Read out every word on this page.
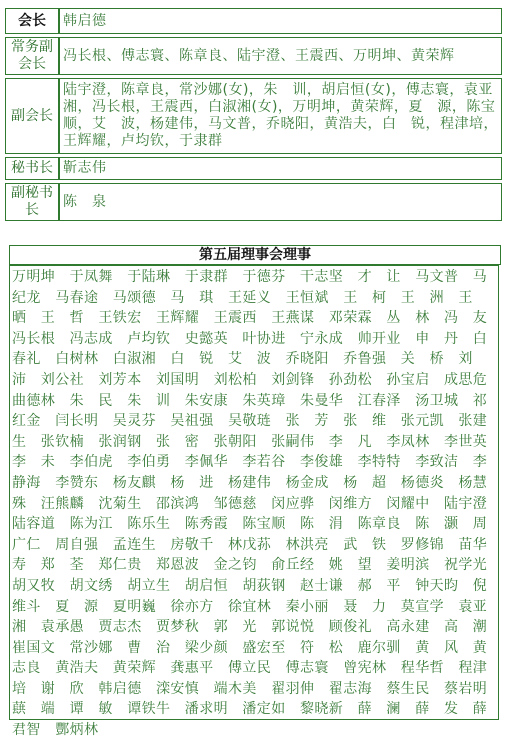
会长	韩启德
常务副会长	冯长根、傅志寰、陈章良、陆宇澄、王震西、万明坤、黄荣辉
副会长	陆宇澄，陈章良，常沙娜(女)，朱　训，胡启恒(女)，傅志寰，袁亚湘，冯长根，王震西，白淑湘(女)，万明坤，黄荣辉，夏　源，陈宝顺，艾　波，杨建伟，马文普，乔晓阳，黄浩夫，白　锐，程津培，王辉耀，卢均钦，于隶群
秘书长	靳志伟
副秘书长	陈　泉
第五届理事会理事
万明坤　于凤舞　于陆琳　于隶群　于德芬　干志坚　才　让　马文普　马纪龙　马春途　马颂德　马　琪　王延义　王恒斌　王　柯　王　洲　王　晒　王　哲　王铁宏　王辉耀　王震西　王燕谋　邓荣霖　丛　林　冯　友　冯长根　冯志成　卢均钦　史懿英　叶协进　宁永成　帅开业　申　丹　白春礼　白树林　白淑湘　白　锐　艾　波　乔晓阳　乔鲁强　关　桥　刘　沛　刘公社　刘芳本　刘国明　刘松柏　刘剑锋　孙劲松　孙宝启　成思危　曲德林　朱　民　朱　训　朱安康　朱英璋　朱曼华　江春泽　汤卫城　祁红金　闫长明　吴灵芬　吴祖强　吴敬琏　张　芳　张　维　张元凯　张建生　张钦楠　张润钢　张　密　张朝阳　张嗣伟　李　凡　李凤林　李世英　李　未　李伯虎　李伯勇　李佩华　李若谷　李俊雄　李特特　李致洁　李静海　李赞东　杨友麒　杨　进　杨建伟　杨金成　杨　超　杨德炎　杨慧殊　汪熊麟　沈菊生　邵滨鸿　邹德慈　闵应骅　闵维方　闵耀中　陆宇澄　陆容道　陈为江　陈乐生　陈秀霞　陈宝顺　陈　涓　陈章良　陈　灏　周广仁　周自强　孟连生　房敬千　林戊荪　林洪亮　武　铁　罗修锦　苗华寿　郑　荃　郑仁贵　郑恩波　金之钧　俞丘经　姚　望　姜明滨　祝学光　胡又牧　胡文绣　胡立生　胡启恒　胡荻钢　赵士谦　郝　平　钟天昀　倪维斗　夏　源　夏明巍　徐亦方　徐宜林　秦小丽　聂　力　莫宣学　袁亚湘　袁承愚　贾志杰　贾梦秋　郭　光　郭说悦　顾俊礼　高永建　高　潮　崔国文　常沙娜　曹　治　梁少颜　盛宏至　符　松　鹿尔驯　黄　风　黄志良　黄浩夫　黄荣辉　龚惠平　傅立民　傅志寰　曾宪林　程华哲　程津培　谢　欣　韩启德　滦安慎　端木美　翟羽伸　翟志海　蔡生民　蔡岩明　蕻　端　谭　敏　谭铁牛　潘求明　潘定如　黎晓新　薛　澜　薛　发　薛君智　酆炳林
